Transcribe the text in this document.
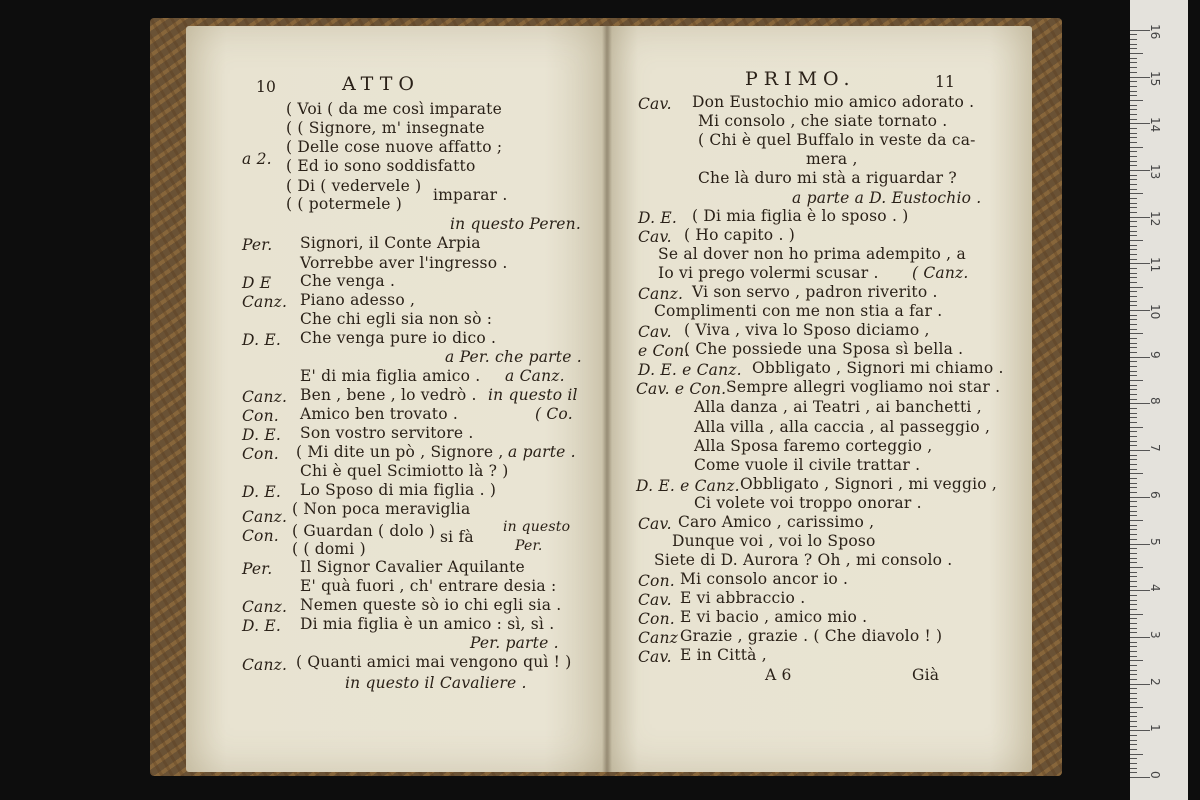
10	ATTO
( Voi ( da me così imparate
( ( Signore, m' insegnate
( Delle cose nuove affatto ;
a 2. ( Ed io sono soddisfatto
( Di ( vedervele ) imparar .
( ( potermele )
in questo Peren.
Per. Signori, il Conte Arpia
Vorrebbe aver l'ingresso .
D E Che venga .
Canz. Piano adesso ,
Che chi egli sia non sò :
D. E. Che venga pure io dico .
a Per. che parte .
E' di mia figlia amico . a Canz.
Canz. Ben , bene , lo vedrò . in questo il
Con. Amico ben trovato .	( Co.
D. E. Son vostro servitore .
Con. ( Mi dite un pò , Signore , a parte .
Chi è quel Scimiotto là ? )
D. E. Lo Sposo di mia figlia . )
Canz. ( Non poca meraviglia
Con. ( Guardan ( dolo ) si fà
in questo
( ( domi )	Per.
Per. Il Signor Cavalier Aquilante
E' quà fuori , ch' entrare desia :
Canz. Nemen queste sò io chi egli sia .
D. E. Di mia figlia è un amico : sì, sì .
Per. parte .
Canz. ( Quanti amici mai vengono quì ! )
in questo il Cavaliere .
PRIMO.	11
Cav. Don Eustochio mio amico adorato .
Mi consolo , che siate tornato .
( Chi è quel Buffalo in veste da ca-
mera ,
Che là duro mi stà a riguardar ?
a parte a D. Eustochio .
D. E. ( Di mia figlia è lo sposo . )
Cav. ( Ho capito . )
Se al dover non ho prima adempito , a
Io vi prego volermi scusar . ( Canz.
Canz. Vi son servo , padron riverito .
Complimenti con me non stia a far .
Cav. ( Viva , viva lo Sposo diciamo ,
e Con.
( Che possiede una Sposa sì bella .
D. E. e Canz. Obbligato , Signori mi chiamo .
Cav. e Con. Sempre allegri vogliamo noi star .
Alla danza , ai Teatri , ai banchetti ,
Alla villa , alla caccia , al passeggio ,
Alla Sposa faremo corteggio ,
Come vuole il civile trattar .
D. E. e Canz. Obbligato , Signori , mi veggio ,
Ci volete voi troppo onorar .
Cav. Caro Amico , carissimo ,
Dunque voi , voi lo Sposo
Siete di D. Aurora ? Oh , mi consolo .
Con. Mi consolo ancor io .
Cav. E vi abbraccio .
Con. E vi bacio , amico mio .
Canz Grazie , grazie . ( Che diavolo ! )
Cav. E in Città ,
A 6	Già
0
1
2
3
4
5
6
7
8
9
10
11
12
13
14
15
16
